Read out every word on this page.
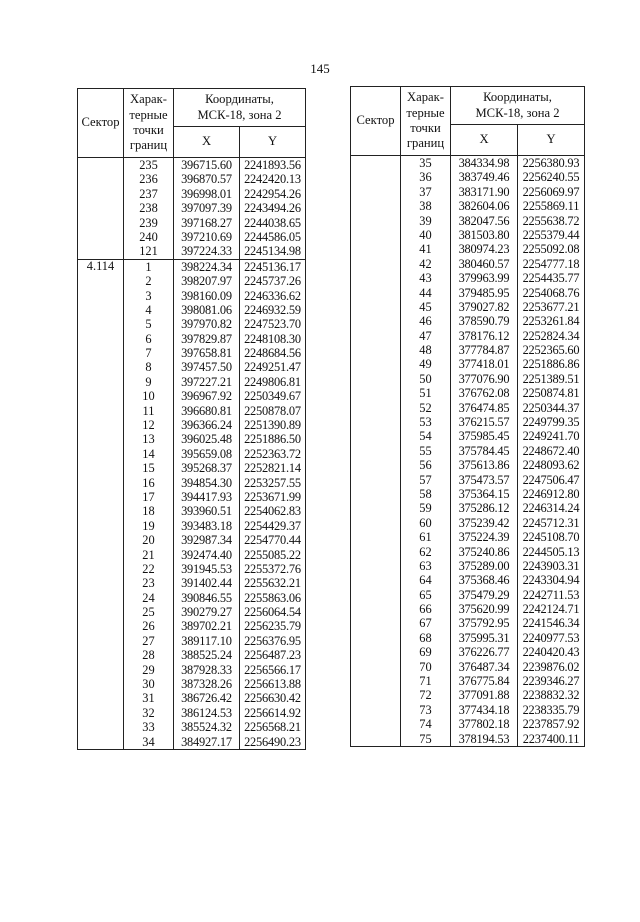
145
Сектор	Харак-
терные
точки
границ	Координаты,
МСК-18, зона 2	
		X	Y
	235	396715.60	2241893.56
	236	396870.57	2242420.13
	237	396998.01	2242954.26
	238	397097.39	2243494.26
	239	397168.27	2244038.65
	240	397210.69	2244586.05
	121	397224.33	2245134.98
4.114	1	398224.34	2245136.17
	2	398207.97	2245737.26
	3	398160.09	2246336.62
	4	398081.06	2246932.59
	5	397970.82	2247523.70
	6	397829.87	2248108.30
	7	397658.81	2248684.56
	8	397457.50	2249251.47
	9	397227.21	2249806.81
	10	396967.92	2250349.67
	11	396680.81	2250878.07
	12	396366.24	2251390.89
	13	396025.48	2251886.50
	14	395659.08	2252363.72
	15	395268.37	2252821.14
	16	394854.30	2253257.55
	17	394417.93	2253671.99
	18	393960.51	2254062.83
	19	393483.18	2254429.37
	20	392987.34	2254770.44
	21	392474.40	2255085.22
	22	391945.53	2255372.76
	23	391402.44	2255632.21
	24	390846.55	2255863.06
	25	390279.27	2256064.54
	26	389702.21	2256235.79
	27	389117.10	2256376.95
	28	388525.24	2256487.23
	29	387928.33	2256566.17
	30	387328.26	2256613.88
	31	386726.42	2256630.42
	32	386124.53	2256614.92
	33	385524.32	2256568.21
	34	384927.17	2256490.23
Сектор	Харак-
терные
точки
границ	Координаты,
МСК-18, зона 2	
		X	Y
	35	384334.98	2256380.93
	36	383749.46	2256240.55
	37	383171.90	2256069.97
	38	382604.06	2255869.11
	39	382047.56	2255638.72
	40	381503.80	2255379.44
	41	380974.23	2255092.08
	42	380460.57	2254777.18
	43	379963.99	2254435.77
	44	379485.95	2254068.76
	45	379027.82	2253677.21
	46	378590.79	2253261.84
	47	378176.12	2252824.34
	48	377784.87	2252365.60
	49	377418.01	2251886.86
	50	377076.90	2251389.51
	51	376762.08	2250874.81
	52	376474.85	2250344.37
	53	376215.57	2249799.35
	54	375985.45	2249241.70
	55	375784.45	2248672.40
	56	375613.86	2248093.62
	57	375473.57	2247506.47
	58	375364.15	2246912.80
	59	375286.12	2246314.24
	60	375239.42	2245712.31
	61	375224.39	2245108.70
	62	375240.86	2244505.13
	63	375289.00	2243903.31
	64	375368.46	2243304.94
	65	375479.29	2242711.53
	66	375620.99	2242124.71
	67	375792.95	2241546.34
	68	375995.31	2240977.53
	69	376226.77	2240420.43
	70	376487.34	2239876.02
	71	376775.84	2239346.27
	72	377091.88	2238832.32
	73	377434.18	2238335.79
	74	377802.18	2237857.92
	75	378194.53	2237400.11
